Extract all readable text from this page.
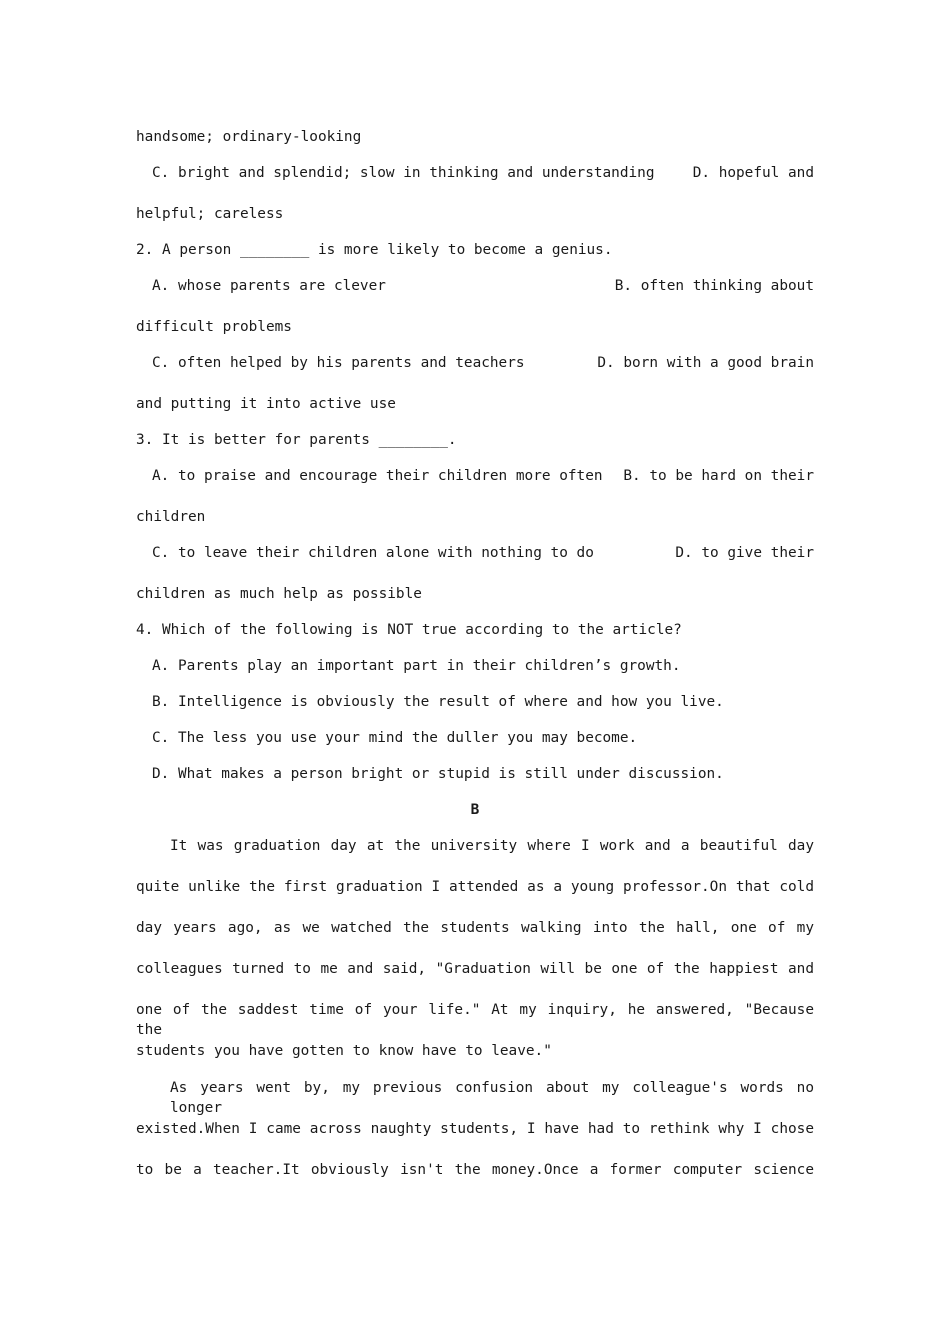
handsome; ordinary-looking
C. bright and splendid; slow in thinking and understanding	D. hopeful and
helpful; careless
2. A person ________ is more likely to become a genius.
A. whose parents are clever	B. often thinking about
difficult problems
C. often helped by his parents and teachers	D. born with a good brain
and putting it into active use
3. It is better for parents ________.
A. to praise and encourage their children more often B. to be hard on their
children
C. to leave their children alone with nothing to do	D. to give their
children as much help as possible
4. Which of the following is NOT true according to the article?
A. Parents play an important part in their children’s growth.
B. Intelligence is obviously the result of where and how you live.
C. The less you use your mind the duller you may become.
D. What makes a person bright or stupid is still under discussion.
B
It was graduation day at the university where I work and a beautiful day
quite unlike the first graduation I attended as a young professor.On that cold
day years ago, as we watched the students walking into the hall, one of my
colleagues turned to me and said, "Graduation will be one of the happiest and
one of the saddest time of your life." At my inquiry, he answered, "Because the
students you have gotten to know have to leave."
As years went by, my previous confusion about my colleague's words no longer
existed.When I came across naughty students, I have had to rethink why I chose
to be a teacher.It obviously isn't the money.Once a former computer science
